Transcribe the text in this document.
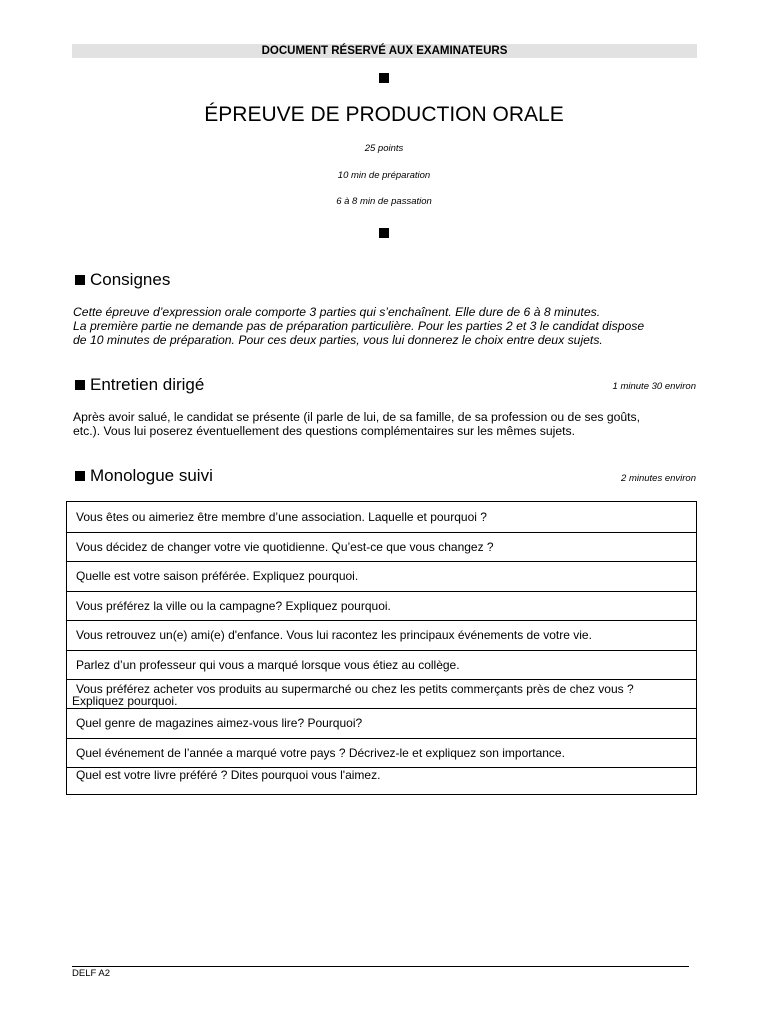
DOCUMENT RÉSERVÉ AUX EXAMINATEURS
ÉPREUVE DE PRODUCTION ORALE
25 points
10 min de préparation
6 à 8 min de passation
Consignes
Cette épreuve d’expression orale comporte 3 parties qui s’enchaînent. Elle dure de 6 à 8 minutes.
La première partie ne demande pas de préparation particulière. Pour les parties 2 et 3 le candidat dispose
de 10 minutes de préparation. Pour ces deux parties, vous lui donnerez le choix entre deux sujets.
Entretien dirigé	1 minute 30 environ
Après avoir salué, le candidat se présente (il parle de lui, de sa famille, de sa profession ou de ses goûts,
etc.). Vous lui poserez éventuellement des questions complémentaires sur les mêmes sujets.
Monologue suivi	2 minutes environ
Vous êtes ou aimeriez être membre d’une association. Laquelle et pourquoi ?
Vous décidez de changer votre vie quotidienne. Qu’est-ce que vous changez ?
Quelle est votre saison préférée. Expliquez pourquoi.
Vous préférez la ville ou la campagne? Expliquez pourquoi.
Vous retrouvez un(e) ami(e) d'enfance. Vous lui racontez les principaux événements de votre vie.
Parlez d’un professeur qui vous a marqué lorsque vous étiez au collège.
Vous préférez acheter vos produits au supermarché ou chez les petits commerçants près de chez vous ?
Expliquez pourquoi.
Quel genre de magazines aimez-vous lire? Pourquoi?
Quel événement de l’année a marqué votre pays ? Décrivez-le et expliquez son importance.
Quel est votre livre préféré ? Dites pourquoi vous l'aimez.
DELF A2
